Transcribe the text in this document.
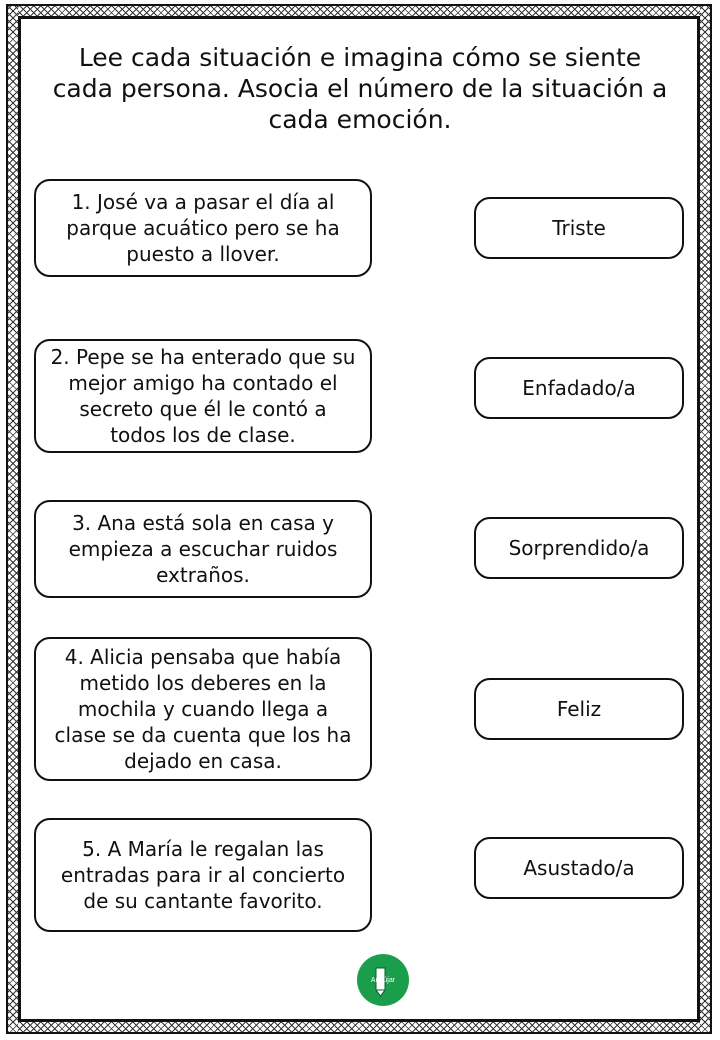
Lee cada situación e imagina cómo se siente cada persona. Asocia el número de la situación a cada emoción.
1. José va a pasar el día al parque acuático pero se ha puesto a llover.
2. Pepe se ha enterado que su mejor amigo ha contado el secreto que él le contó a todos los de clase.
3. Ana está sola en casa y empieza a escuchar ruidos extraños.
4. Alicia pensaba que había metido los deberes en la mochila y cuando llega a clase se da cuenta que los ha dejado en casa.
5. A María le regalan las entradas para ir al concierto de su cantante favorito.
Triste
Enfadado/a
Sorprendido/a
Feliz
Asustado/a
Andújar
